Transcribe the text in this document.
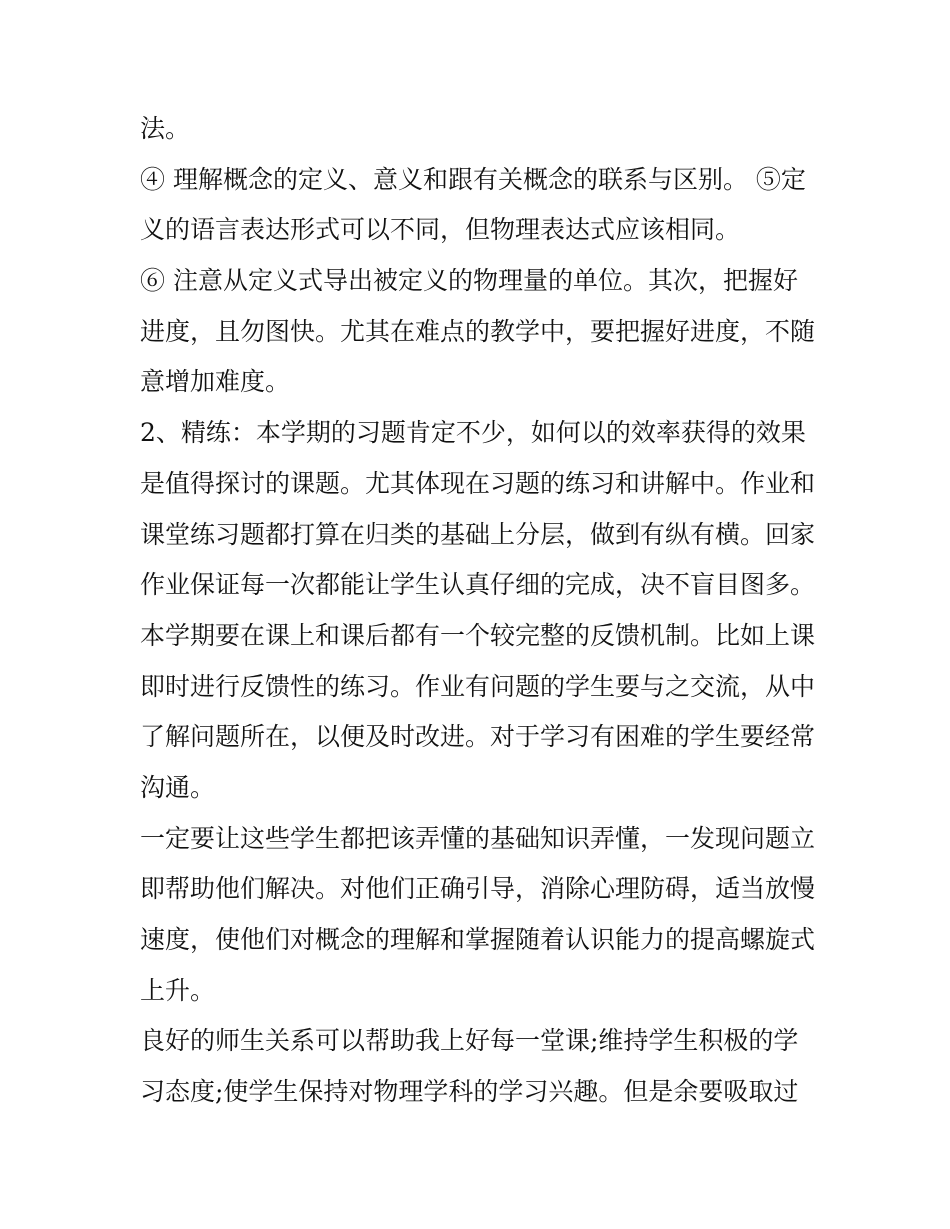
法。
④ 理解概念的定义、意义和跟有关概念的联系与区别。 ⑤定
义的语言表达形式可以不同，但物理表达式应该相同。
⑥ 注意从定义式导出被定义的物理量的单位。其次，把握好
进度，且勿图快。尤其在难点的教学中，要把握好进度，不随
意增加难度。
2、精练：本学期的习题肯定不少，如何以的效率获得的效果
是值得探讨的课题。尤其体现在习题的练习和讲解中。作业和
课堂练习题都打算在归类的基础上分层，做到有纵有横。回家
作业保证每一次都能让学生认真仔细的完成，决不盲目图多。
本学期要在课上和课后都有一个较完整的反馈机制。比如上课
即时进行反馈性的练习。作业有问题的学生要与之交流，从中
了解问题所在，以便及时改进。对于学习有困难的学生要经常
沟通。
一定要让这些学生都把该弄懂的基础知识弄懂，一发现问题立
即帮助他们解决。对他们正确引导，消除心理防碍，适当放慢
速度，使他们对概念的理解和掌握随着认识能力的提高螺旋式
上升。
良好的师生关系可以帮助我上好每一堂课;维持学生积极的学
习态度;使学生保持对物理学科的学习兴趣。但是余要吸取过
